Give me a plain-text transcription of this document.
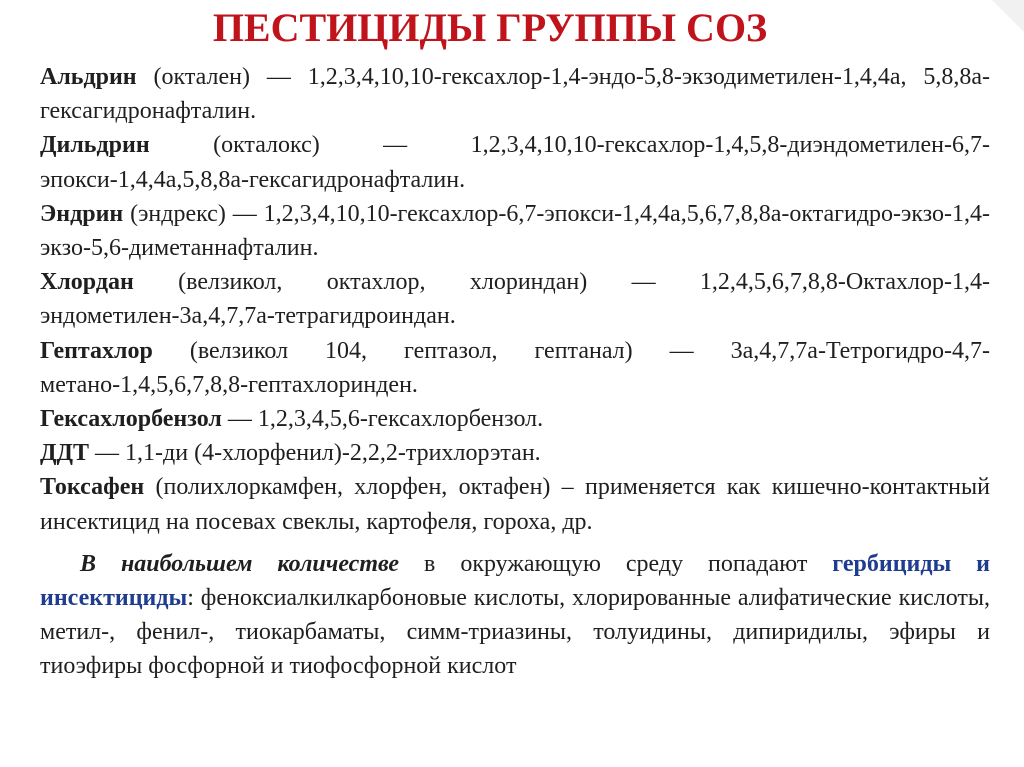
ПЕСТИЦИДЫ ГРУППЫ СОЗ

Альдрин (октален) — 1,2,3,4,10,10-гексахлор-1,4-эндо-5,8-экзодиметилен-1,4,4а, 5,8,8а-гексагидронафталин.

Дильдрин (окталокс) — 1,2,3,4,10,10-гексахлор-1,4,5,8-диэндометилен-6,7-эпокси-1,4,4а,5,8,8а-гексагидронафталин.

Эндрин (эндрекс) — 1,2,3,4,10,10-гексахлор-6,7-эпокси-1,4,4а,5,6,7,8,8а-октагидро-экзо-1,4- экзо-5,6-диметаннафталин.

Хлордан (велзикол, октахлор, хлориндан) — 1,2,4,5,6,7,8,8-Октахлор-1,4-эндометилен-3а,4,7,7а-тетрагидроиндан.

Гептахлор (велзикол 104, гептазол, гептанал) — 3а,4,7,7а-Тетрогидро-4,7-метано-1,4,5,6,7,8,8-гептахлоринден.

Гексахлорбензол — 1,2,3,4,5,6-гексахлорбензол.

ДДТ — 1,1-ди (4-хлорфенил)-2,2,2-трихлорэтан.

Токсафен (полихлоркамфен, хлорфен, октафен) – применяется как кишечно-контактный инсектицид на посевах свеклы, картофеля, гороха, др.

В наибольшем количестве в окружающую среду попадают гербициды и инсектициды: феноксиалкилкарбоновые кислоты, хлорированные алифатические кислоты, метил-, фенил-, тиокарбаматы, симм-триазины, толуидины, дипиридилы, эфиры и тиоэфиры фосфорной и тиофосфорной кислот
